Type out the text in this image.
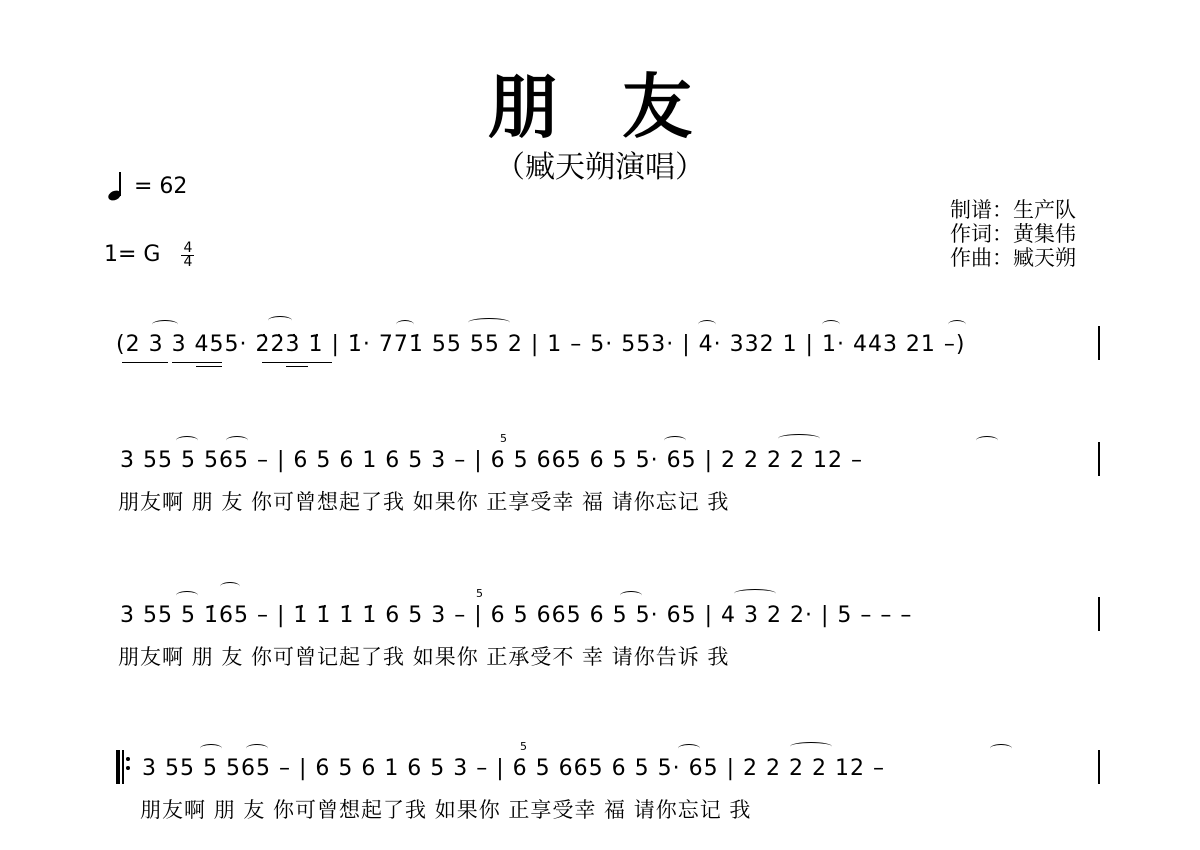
朋 友
（臧天朔演唱）
= 62
1= G $\frac{4}{4}$
制谱：生产队
作词：黄集伟
作曲：臧天朔
(2 3 3 455· 2̇2̇3̇ 1̇ | 1̇· 771̇ 55 55 2 | 1 – 5· 553· | 4· 332 1 | 1· 443 21 –)
3 55 5 565 – | 6 5 6 1 6 5 3 – | 6 5 665 6 5 5· 65 | 2 2 2 2 12 –
朋友啊 朋 友 你可曾想起了我 如果你 正享受幸 福 请你忘记 我
5
3 55 5 1̇65 – | 1̇ 1̇ 1̇ 1̇ 6 5 3 – | 6 5 665 6 5 5· 65 | 4 3 2 2· | 5 – – –
朋友啊 朋 友 你可曾记起了我 如果你 正承受不 幸 请你告诉 我
5
3 55 5 565 – | 6 5 6 1 6 5 3 – | 6 5 665 6 5 5· 65 | 2 2 2 2 12 –
朋友啊 朋 友 你可曾想起了我 如果你 正享受幸 福 请你忘记 我
5
